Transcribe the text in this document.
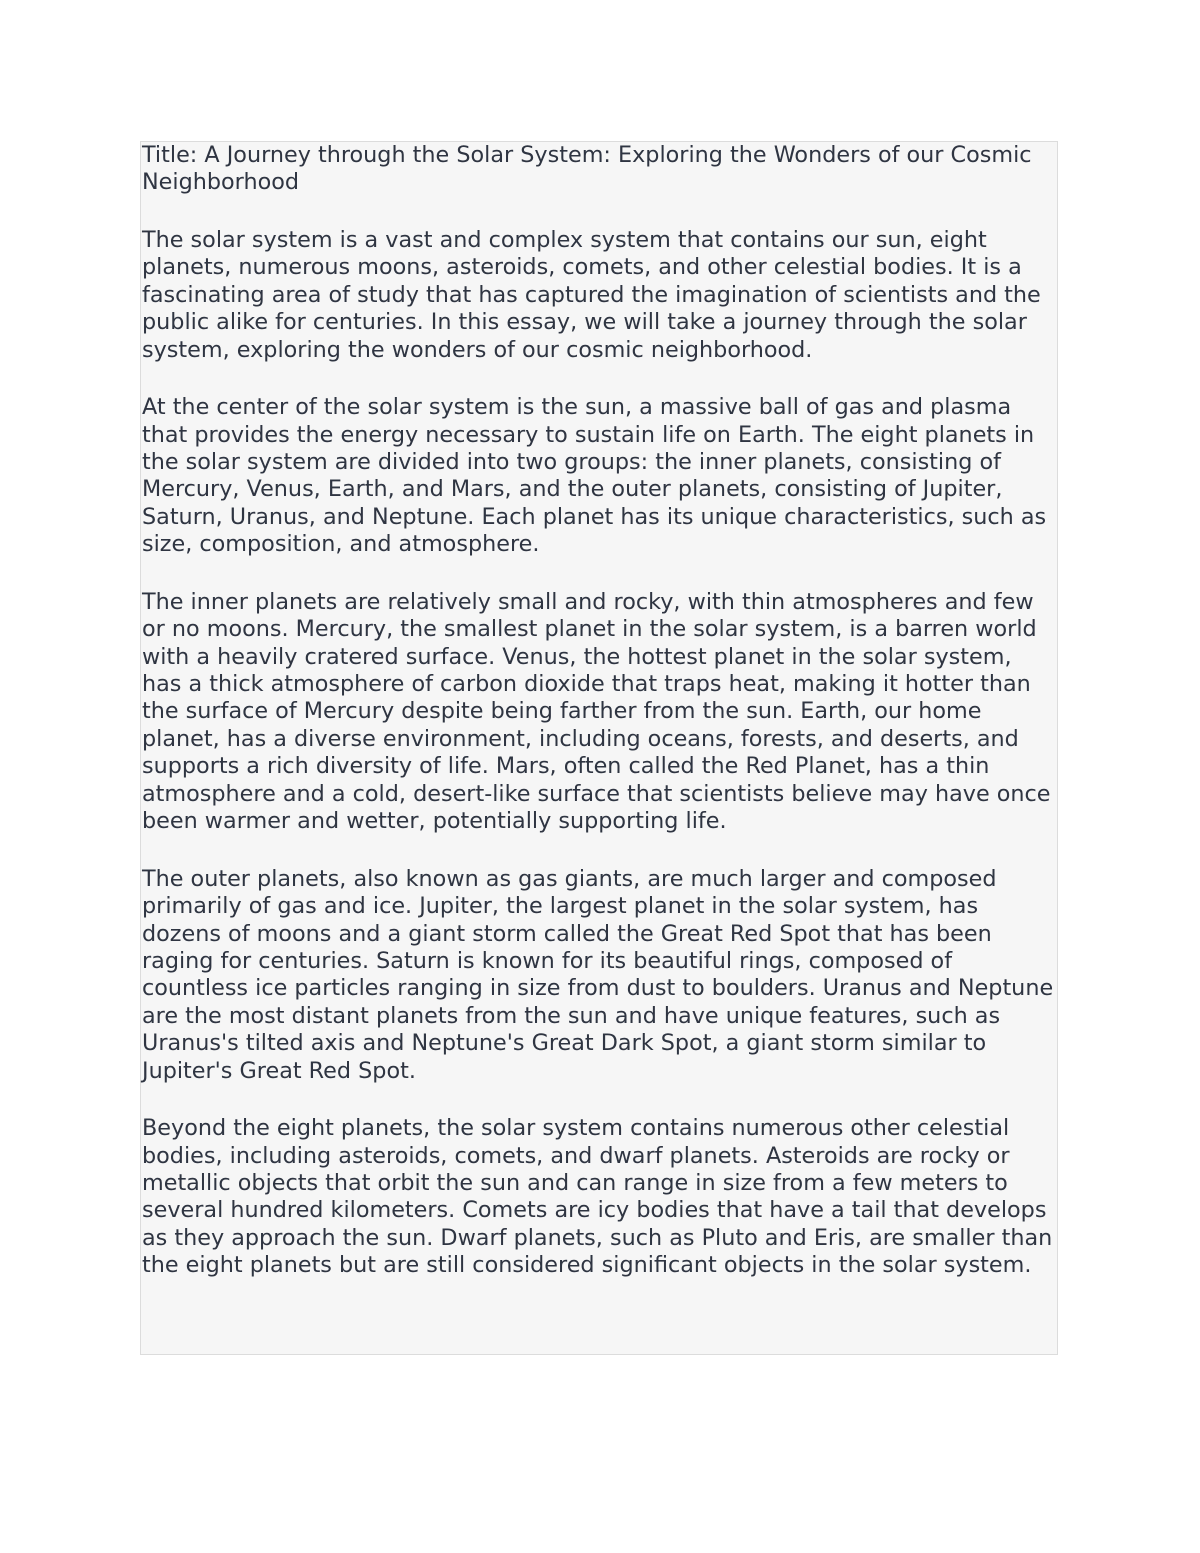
Title: A Journey through the Solar System: Exploring the Wonders of our Cosmic Neighborhood

The solar system is a vast and complex system that contains our sun, eight planets, numerous moons, asteroids, comets, and other celestial bodies. It is a fascinating area of study that has captured the imagination of scientists and the public alike for centuries. In this essay, we will take a journey through the solar system, exploring the wonders of our cosmic neighborhood.

At the center of the solar system is the sun, a massive ball of gas and plasma that provides the energy necessary to sustain life on Earth. The eight planets in the solar system are divided into two groups: the inner planets, consisting of Mercury, Venus, Earth, and Mars, and the outer planets, consisting of Jupiter, Saturn, Uranus, and Neptune. Each planet has its unique characteristics, such as size, composition, and atmosphere.

The inner planets are relatively small and rocky, with thin atmospheres and few or no moons. Mercury, the smallest planet in the solar system, is a barren world with a heavily cratered surface. Venus, the hottest planet in the solar system, has a thick atmosphere of carbon dioxide that traps heat, making it hotter than the surface of Mercury despite being farther from the sun. Earth, our home planet, has a diverse environment, including oceans, forests, and deserts, and supports a rich diversity of life. Mars, often called the Red Planet, has a thin atmosphere and a cold, desert-like surface that scientists believe may have once been warmer and wetter, potentially supporting life.

The outer planets, also known as gas giants, are much larger and composed primarily of gas and ice. Jupiter, the largest planet in the solar system, has dozens of moons and a giant storm called the Great Red Spot that has been raging for centuries. Saturn is known for its beautiful rings, composed of countless ice particles ranging in size from dust to boulders. Uranus and Neptune are the most distant planets from the sun and have unique features, such as Uranus's tilted axis and Neptune's Great Dark Spot, a giant storm similar to Jupiter's Great Red Spot.

Beyond the eight planets, the solar system contains numerous other celestial bodies, including asteroids, comets, and dwarf planets. Asteroids are rocky or metallic objects that orbit the sun and can range in size from a few meters to several hundred kilometers. Comets are icy bodies that have a tail that develops as they approach the sun. Dwarf planets, such as Pluto and Eris, are smaller than the eight planets but are still considered significant objects in the solar system.
